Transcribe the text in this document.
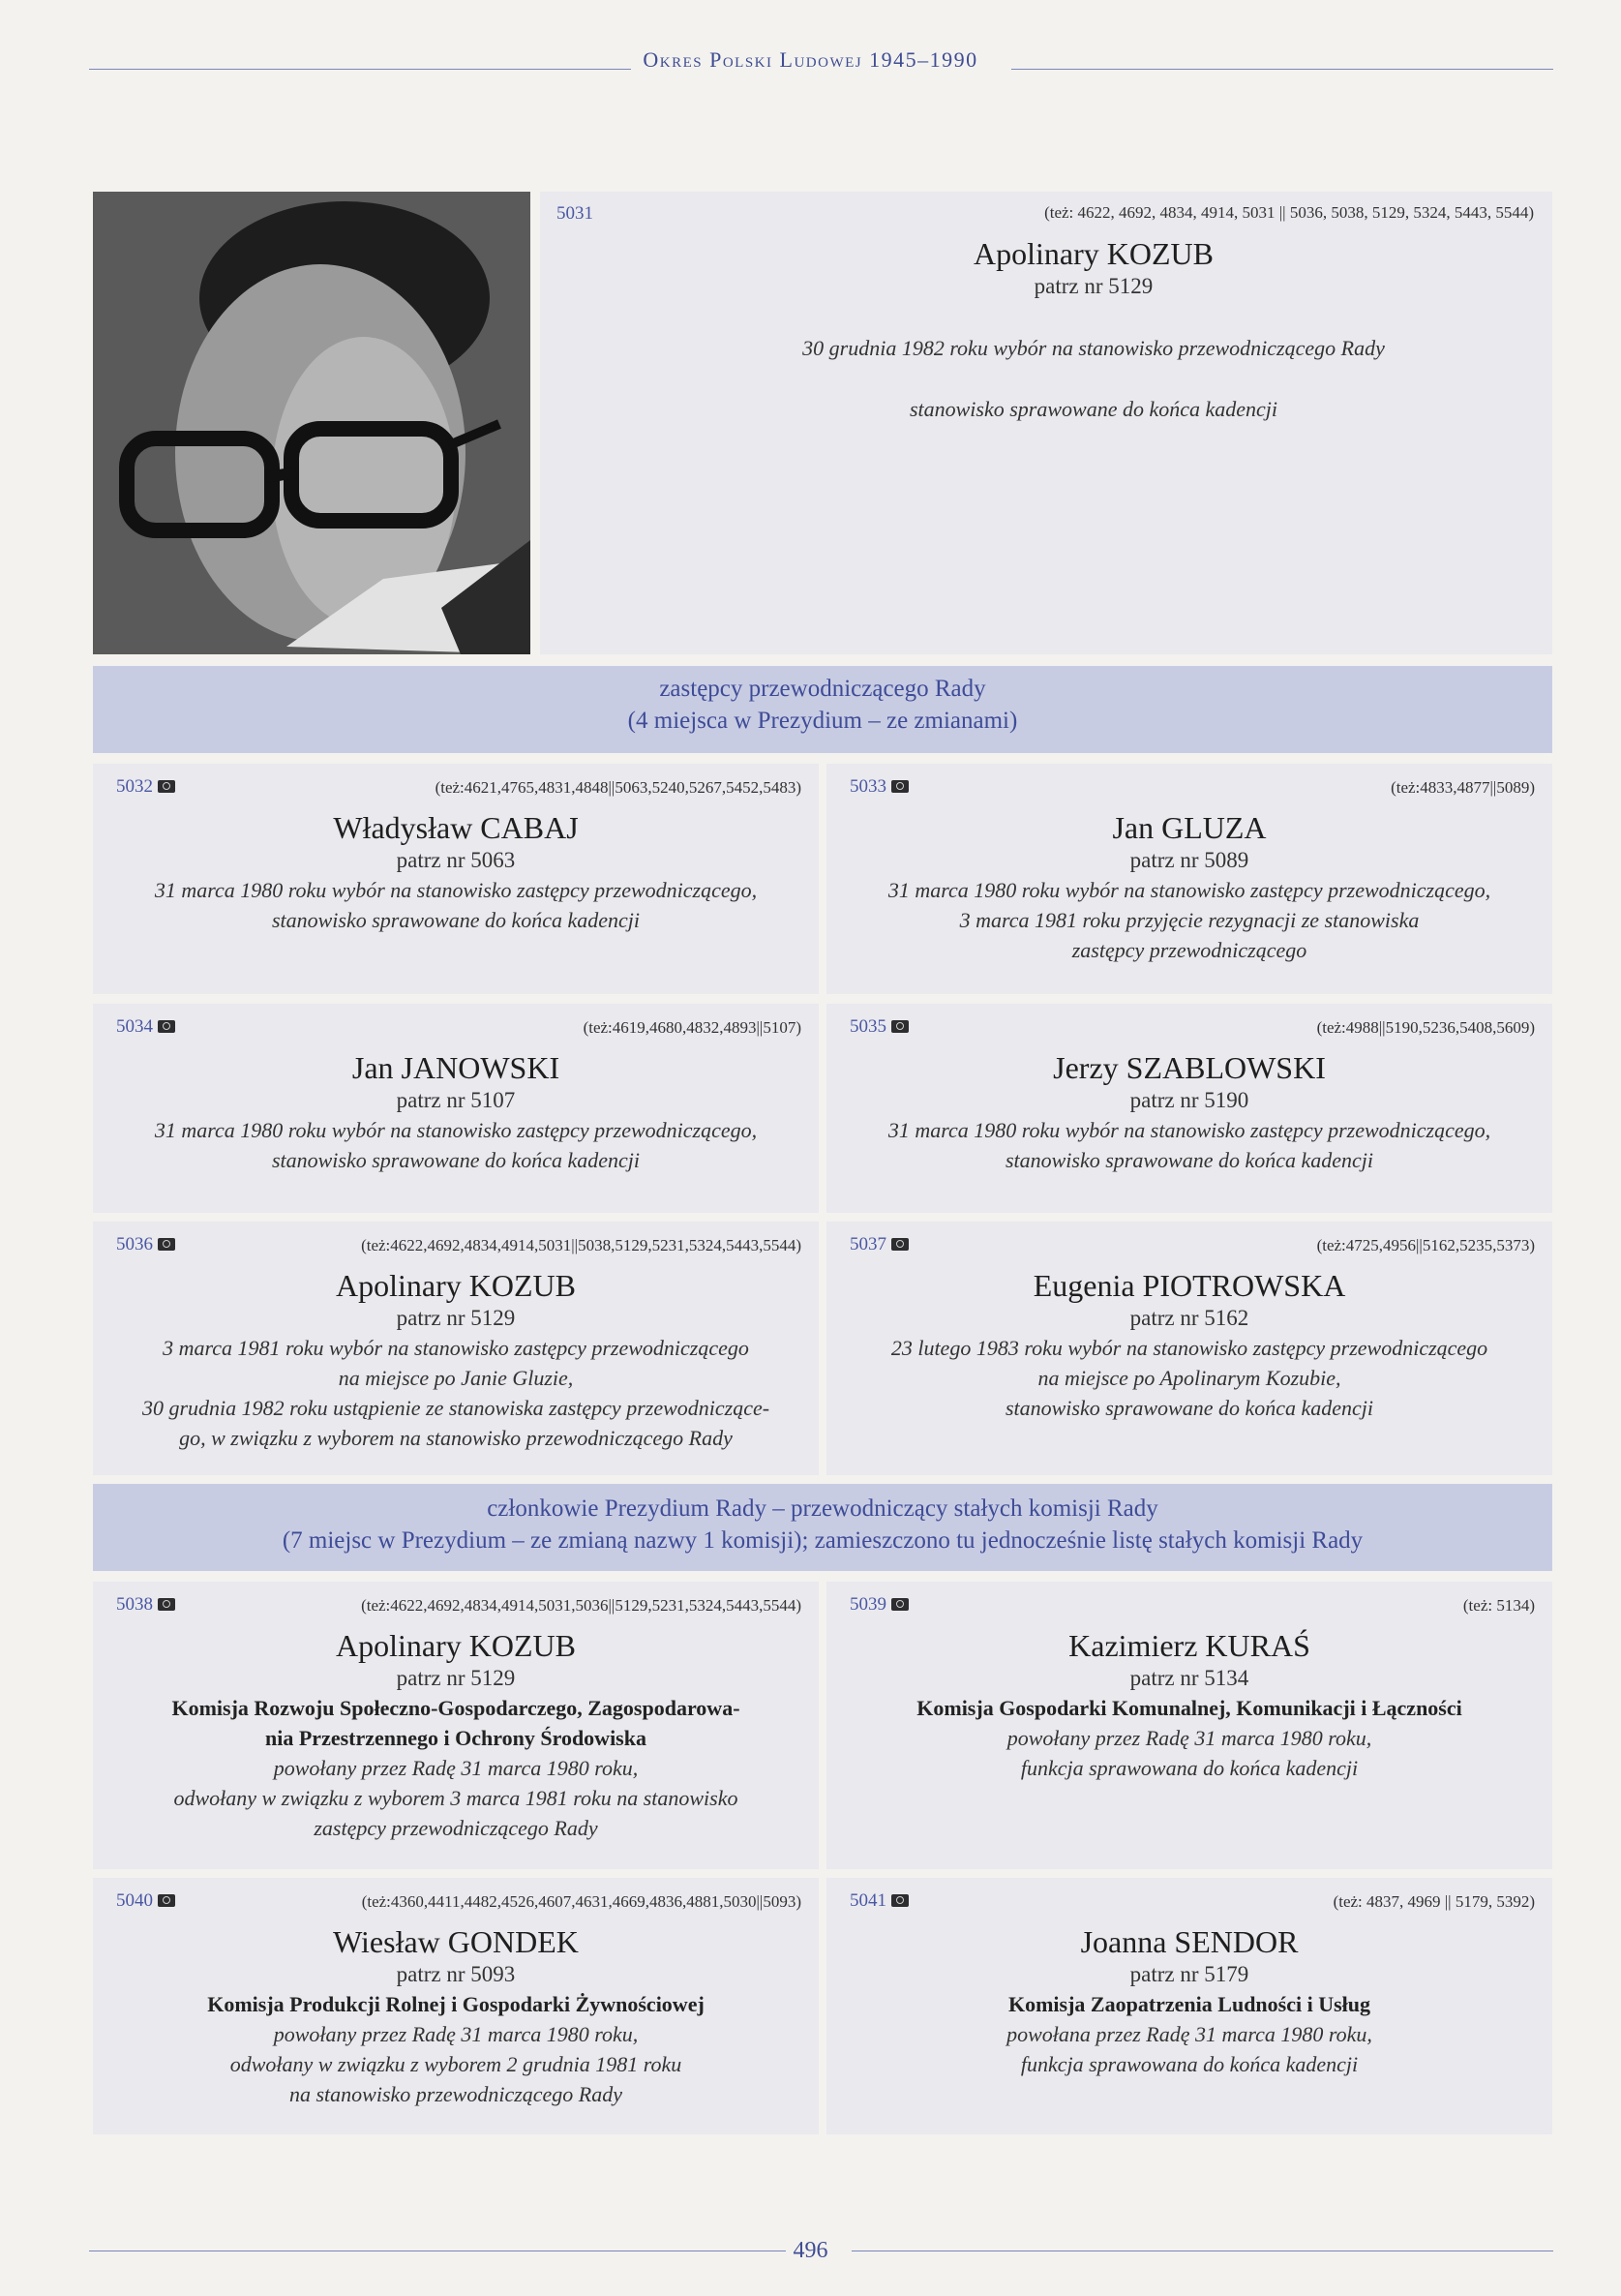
Okres Polski Ludowej 1945–1990
5031	(też: 4622, 4692, 4834, 4914, 5031 || 5036, 5038, 5129, 5324, 5443, 5544)
Apolinary KOZUB
patrz nr 5129
30 grudnia 1982 roku wybór na stanowisko przewodniczącego Rady
stanowisko sprawowane do końca kadencji
zastępcy przewodniczącego Rady
(4 miejsca w Prezydium – ze zmianami)
członkowie Prezydium Rady – przewodniczący stałych komisji Rady
(7 miejsc w Prezydium – ze zmianą nazwy 1 komisji); zamieszczono tu jednocześnie listę stałych komisji Rady
5032	(też:4621,4765,4831,4848||5063,5240,5267,5452,5483)
Władysław CABAJ
patrz nr 5063
31 marca 1980 roku wybór na stanowisko zastępcy przewodniczącego,
stanowisko sprawowane do końca kadencji
5033	(też:4833,4877||5089)
Jan GLUZA
patrz nr 5089
31 marca 1980 roku wybór na stanowisko zastępcy przewodniczącego,
3 marca 1981 roku przyjęcie rezygnacji ze stanowiska
zastępcy przewodniczącego
5034	(też:4619,4680,4832,4893||5107)
Jan JANOWSKI
patrz nr 5107
31 marca 1980 roku wybór na stanowisko zastępcy przewodniczącego,
stanowisko sprawowane do końca kadencji
5035	(też:4988||5190,5236,5408,5609)
Jerzy SZABLOWSKI
patrz nr 5190
31 marca 1980 roku wybór na stanowisko zastępcy przewodniczącego,
stanowisko sprawowane do końca kadencji
5036	(też:4622,4692,4834,4914,5031||5038,5129,5231,5324,5443,5544)
Apolinary KOZUB
patrz nr 5129
3 marca 1981 roku wybór na stanowisko zastępcy przewodniczącego
na miejsce po Janie Gluzie,
30 grudnia 1982 roku ustąpienie ze stanowiska zastępcy przewodniczące-
go, w związku z wyborem na stanowisko przewodniczącego Rady
5037	(też:4725,4956||5162,5235,5373)
Eugenia PIOTROWSKA
patrz nr 5162
23 lutego 1983 roku wybór na stanowisko zastępcy przewodniczącego
na miejsce po Apolinarym Kozubie,
stanowisko sprawowane do końca kadencji
5038	(też:4622,4692,4834,4914,5031,5036||5129,5231,5324,5443,5544)
Apolinary KOZUB
patrz nr 5129
Komisja Rozwoju Społeczno-Gospodarczego, Zagospodarowa-
nia Przestrzennego i Ochrony Środowiska
powołany przez Radę 31 marca 1980 roku,
odwołany w związku z wyborem 3 marca 1981 roku na stanowisko
zastępcy przewodniczącego Rady
5039	(też: 5134)
Kazimierz KURAŚ
patrz nr 5134
Komisja Gospodarki Komunalnej, Komunikacji i Łączności
powołany przez Radę 31 marca 1980 roku,
funkcja sprawowana do końca kadencji
5040	(też:4360,4411,4482,4526,4607,4631,4669,4836,4881,5030||5093)
Wiesław GONDEK
patrz nr 5093
Komisja Produkcji Rolnej i Gospodarki Żywnościowej
powołany przez Radę 31 marca 1980 roku,
odwołany w związku z wyborem 2 grudnia 1981 roku
na stanowisko przewodniczącego Rady
5041	(też: 4837, 4969 || 5179, 5392)
Joanna SENDOR
patrz nr 5179
Komisja Zaopatrzenia Ludności i Usług
powołana przez Radę 31 marca 1980 roku,
funkcja sprawowana do końca kadencji
496
